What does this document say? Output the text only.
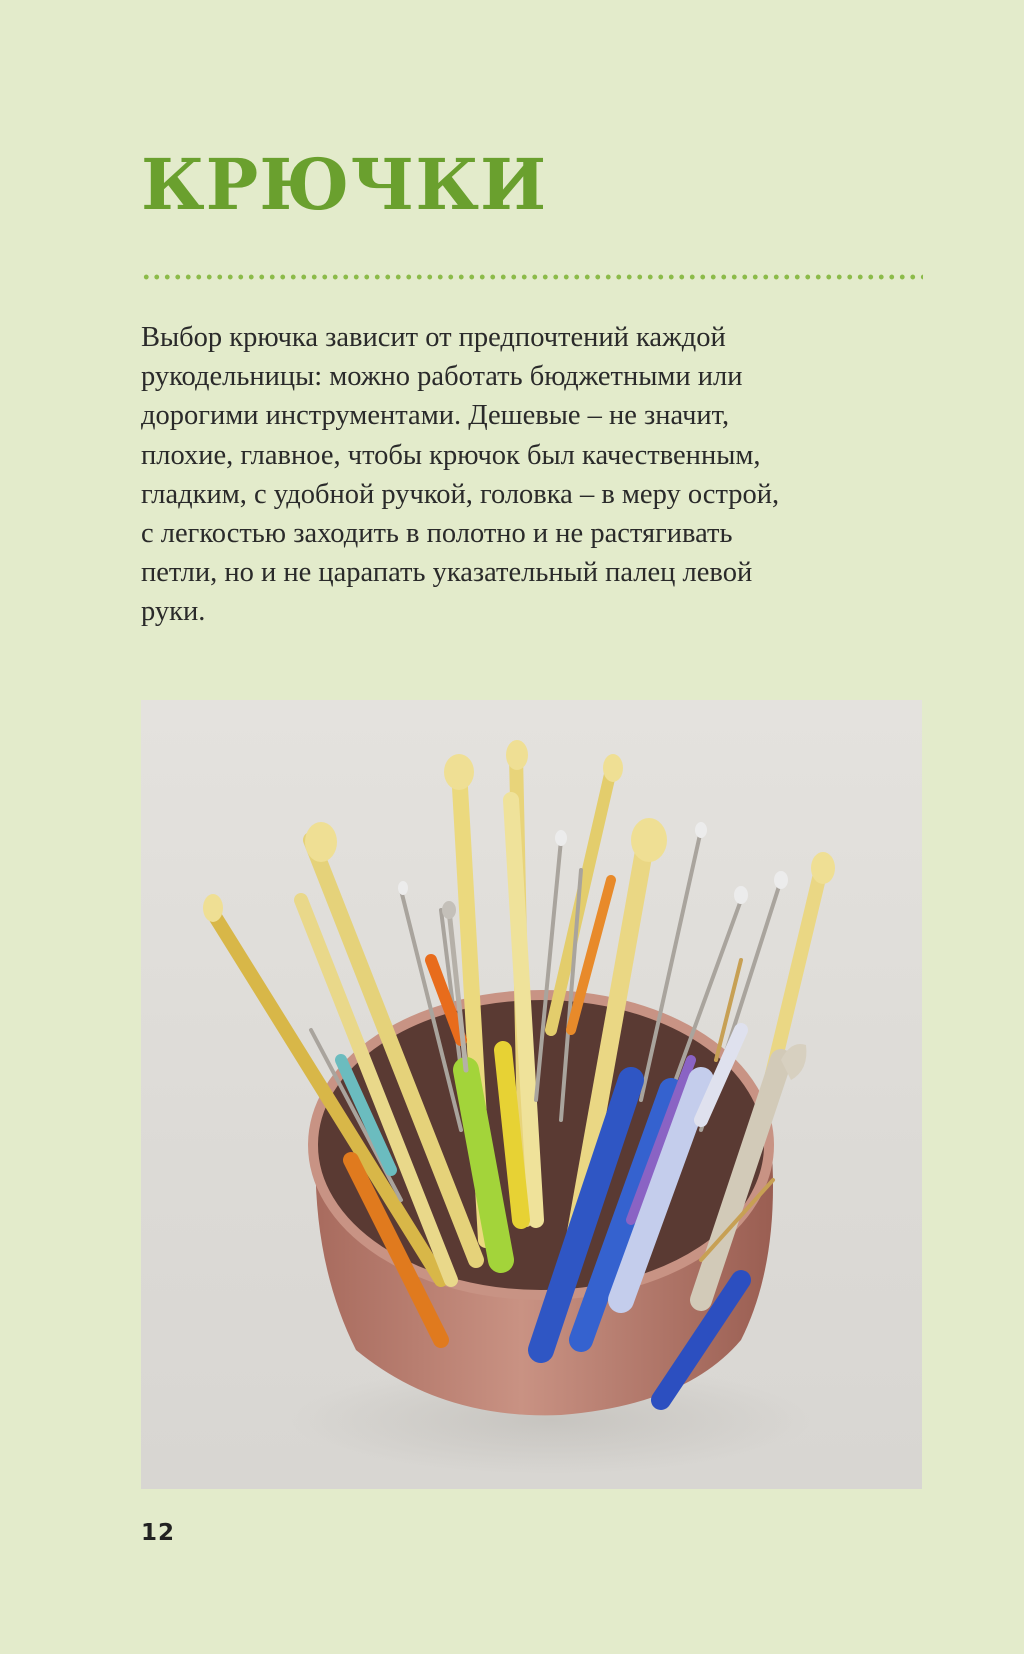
КРЮЧКИ

Выбор крючка зависит от предпочтений каждой
рукодельницы: можно работать бюджетными или
дорогими инструментами. Дешевые – не значит,
плохие, главное, чтобы крючок был качественным,
гладким, с удобной ручкой, головка – в меру острой,
с легкостью заходить в полотно и не растягивать
петли, но и не царапать указательный палец левой
руки.

12
